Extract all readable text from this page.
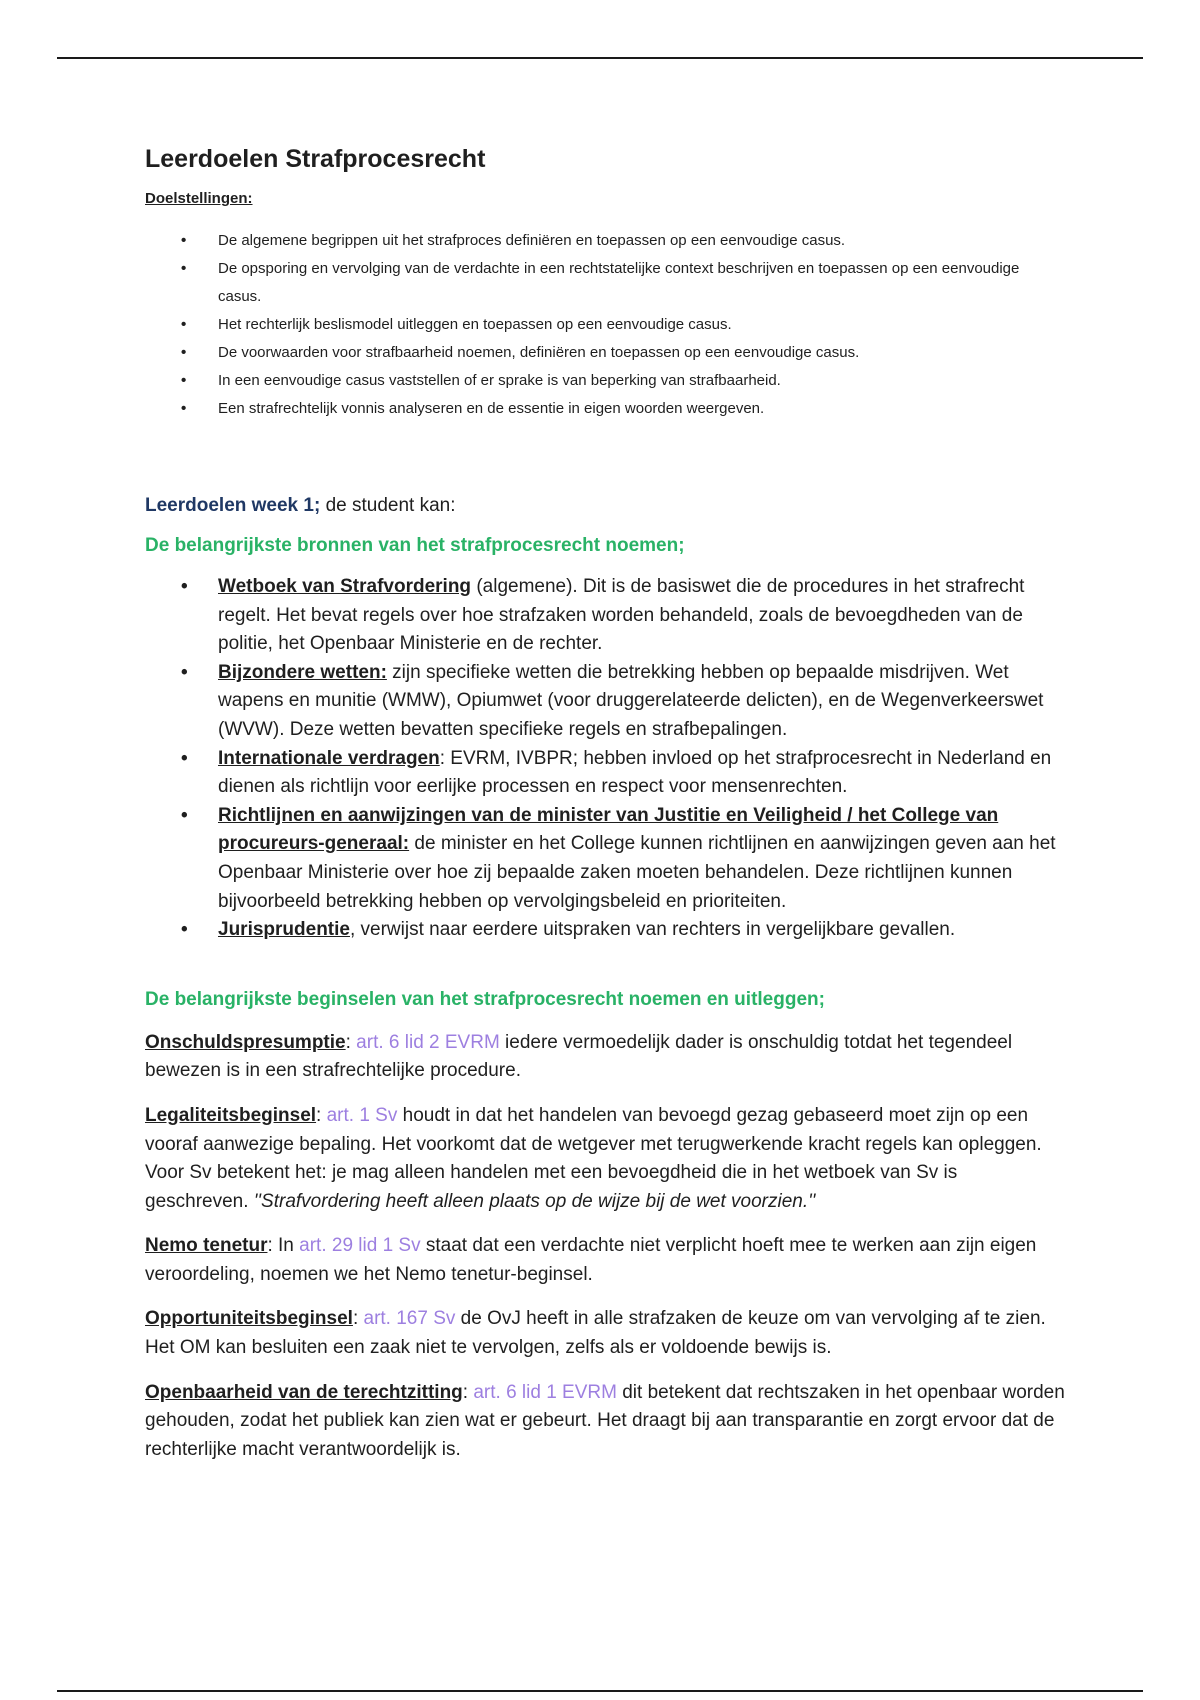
Leerdoelen Strafprocesrecht
Doelstellingen:
• De algemene begrippen uit het strafproces definiëren en toepassen op een eenvoudige casus.
• De opsporing en vervolging van de verdachte in een rechtstatelijke context beschrijven en toepassen op een eenvoudige casus.
• Het rechterlijk beslismodel uitleggen en toepassen op een eenvoudige casus.
• De voorwaarden voor strafbaarheid noemen, definiëren en toepassen op een eenvoudige casus.
• In een eenvoudige casus vaststellen of er sprake is van beperking van strafbaarheid.
• Een strafrechtelijk vonnis analyseren en de essentie in eigen woorden weergeven.
Leerdoelen week 1; de student kan:
De belangrijkste bronnen van het strafprocesrecht noemen;
• Wetboek van Strafvordering (algemene). Dit is de basiswet die de procedures in het strafrecht regelt. Het bevat regels over hoe strafzaken worden behandeld, zoals de bevoegdheden van de politie, het Openbaar Ministerie en de rechter.
• Bijzondere wetten: zijn specifieke wetten die betrekking hebben op bepaalde misdrijven. Wet wapens en munitie (WMW), Opiumwet (voor druggerelateerde delicten), en de Wegenverkeerswet (WVW). Deze wetten bevatten specifieke regels en strafbepalingen.
• Internationale verdragen: EVRM, IVBPR; hebben invloed op het strafprocesrecht in Nederland en dienen als richtlijn voor eerlijke processen en respect voor mensenrechten.
• Richtlijnen en aanwijzingen van de minister van Justitie en Veiligheid / het College van procureurs-generaal: de minister en het College kunnen richtlijnen en aanwijzingen geven aan het Openbaar Ministerie over hoe zij bepaalde zaken moeten behandelen. Deze richtlijnen kunnen bijvoorbeeld betrekking hebben op vervolgingsbeleid en prioriteiten.
• Jurisprudentie, verwijst naar eerdere uitspraken van rechters in vergelijkbare gevallen.
De belangrijkste beginselen van het strafprocesrecht noemen en uitleggen;

Onschuldspresumptie: art. 6 lid 2 EVRM iedere vermoedelijk dader is onschuldig totdat het tegendeel bewezen is in een strafrechtelijke procedure.

Legaliteitsbeginsel: art. 1 Sv houdt in dat het handelen van bevoegd gezag gebaseerd moet zijn op een vooraf aanwezige bepaling. Het voorkomt dat de wetgever met terugwerkende kracht regels kan opleggen. Voor Sv betekent het: je mag alleen handelen met een bevoegdheid die in het wetboek van Sv is geschreven. ''Strafvordering heeft alleen plaats op de wijze bij de wet voorzien.''

Nemo tenetur: In art. 29 lid 1 Sv staat dat een verdachte niet verplicht hoeft mee te werken aan zijn eigen veroordeling, noemen we het Nemo tenetur-beginsel.

Opportuniteitsbeginsel: art. 167 Sv de OvJ heeft in alle strafzaken de keuze om van vervolging af te zien. Het OM kan besluiten een zaak niet te vervolgen, zelfs als er voldoende bewijs is.

Openbaarheid van de terechtzitting: art. 6 lid 1 EVRM dit betekent dat rechtszaken in het openbaar worden gehouden, zodat het publiek kan zien wat er gebeurt. Het draagt bij aan transparantie en zorgt ervoor dat de rechterlijke macht verantwoordelijk is.
